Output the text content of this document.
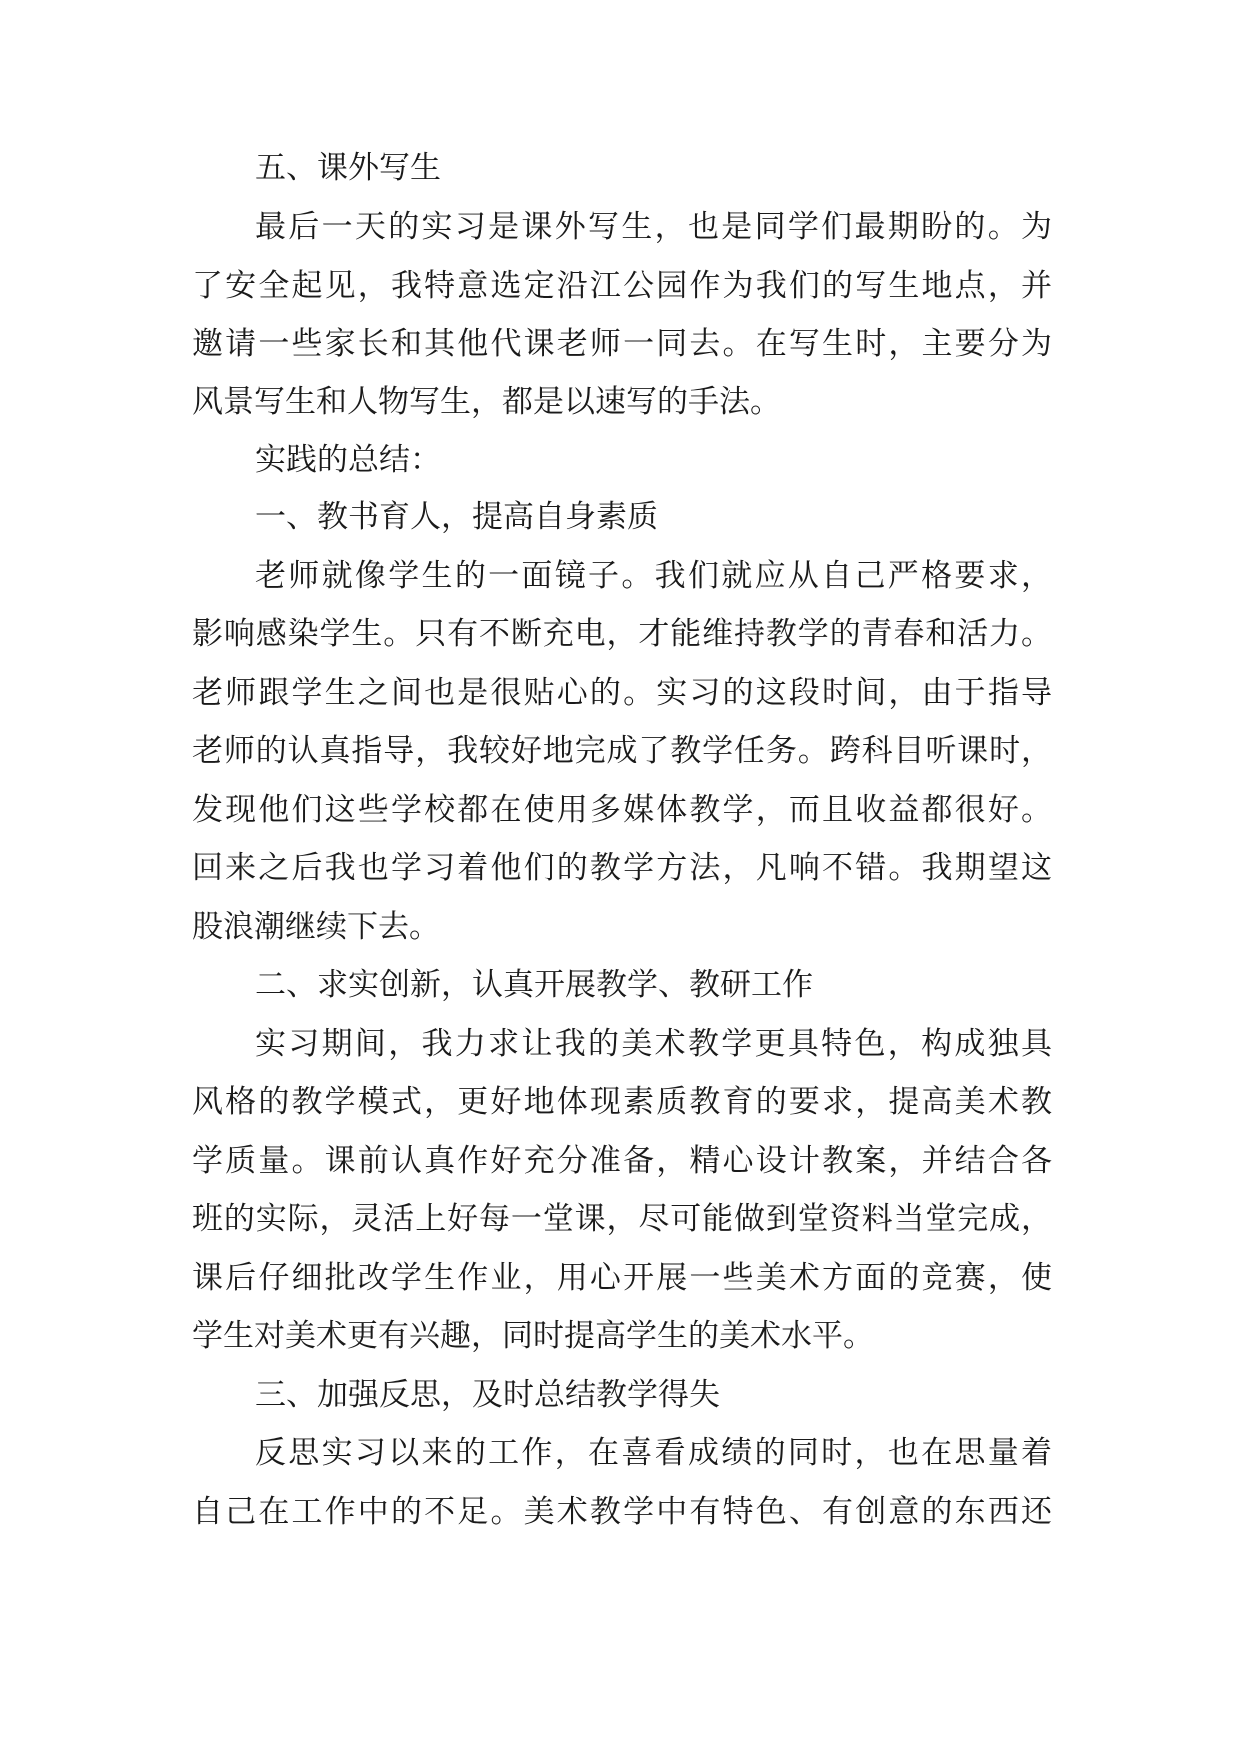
五、课外写生

最后一天的实习是课外写生，也是同学们最期盼的。为

了安全起见，我特意选定沿江公园作为我们的写生地点，并

邀请一些家长和其他代课老师一同去。在写生时，主要分为

风景写生和人物写生，都是以速写的手法。

实践的总结：

一、教书育人，提高自身素质

老师就像学生的一面镜子。我们就应从自己严格要求，

影响感染学生。只有不断充电，才能维持教学的青春和活力。

老师跟学生之间也是很贴心的。实习的这段时间，由于指导

老师的认真指导，我较好地完成了教学任务。跨科目听课时，

发现他们这些学校都在使用多媒体教学，而且收益都很好。

回来之后我也学习着他们的教学方法，凡响不错。我期望这

股浪潮继续下去。

二、求实创新，认真开展教学、教研工作

实习期间，我力求让我的美术教学更具特色，构成独具

风格的教学模式，更好地体现素质教育的要求，提高美术教

学质量。课前认真作好充分准备，精心设计教案，并结合各

班的实际，灵活上好每一堂课，尽可能做到堂资料当堂完成，

课后仔细批改学生作业，用心开展一些美术方面的竞赛，使

学生对美术更有兴趣，同时提高学生的美术水平。

三、加强反思，及时总结教学得失

反思实习以来的工作，在喜看成绩的同时，也在思量着

自己在工作中的不足。美术教学中有特色、有创意的东西还
